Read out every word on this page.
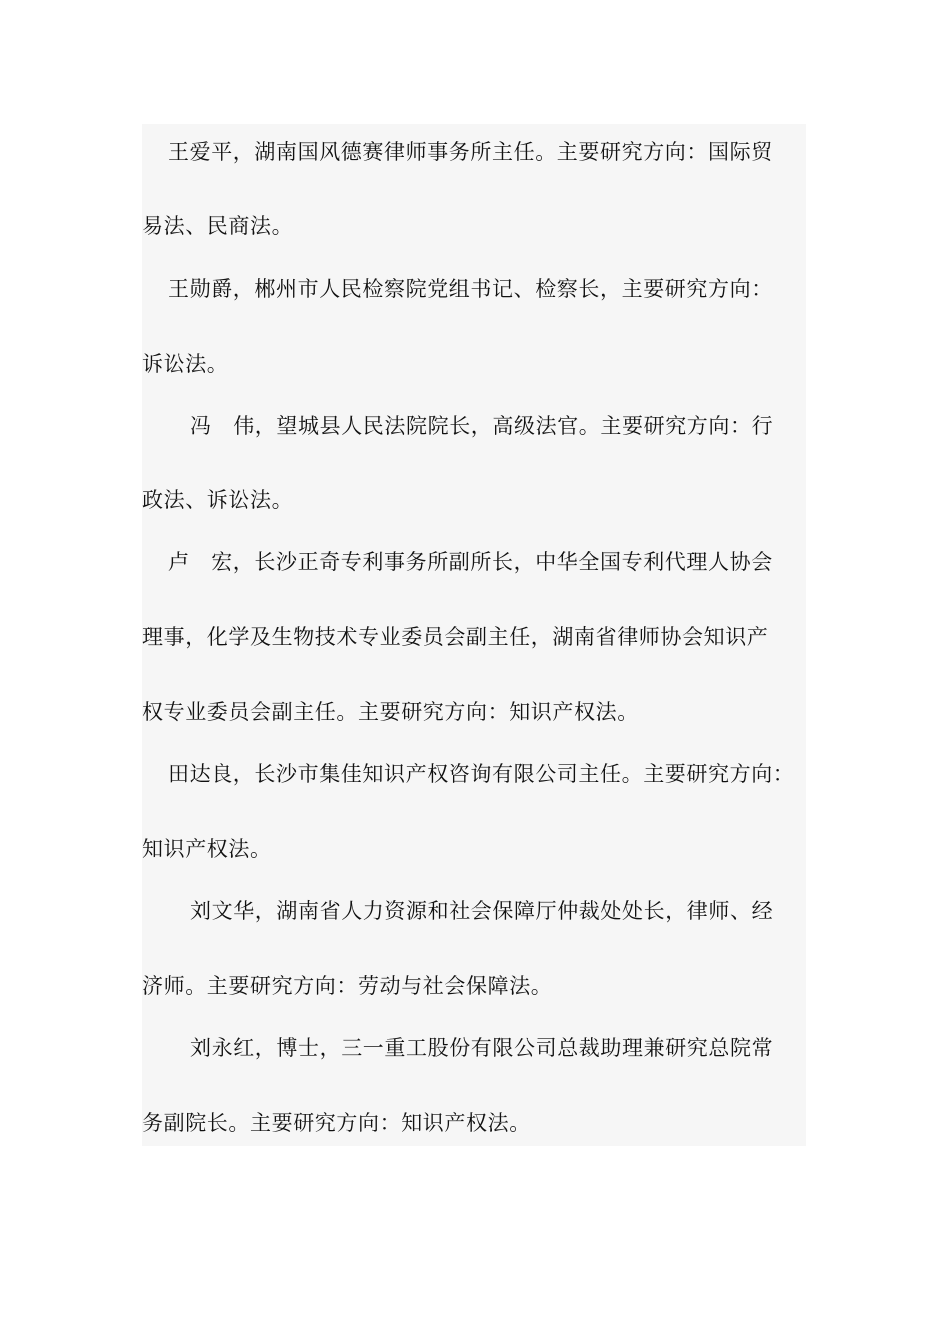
王爱平，湖南国风德赛律师事务所主任。主要研究方向：国际贸
易法、民商法。
王勋爵，郴州市人民检察院党组书记、检察长，主要研究方向：
诉讼法。
冯　伟，望城县人民法院院长，高级法官。主要研究方向：行
政法、诉讼法。
卢　宏，长沙正奇专利事务所副所长，中华全国专利代理人协会
理事，化学及生物技术专业委员会副主任，湖南省律师协会知识产
权专业委员会副主任。主要研究方向：知识产权法。
田达良，长沙市集佳知识产权咨询有限公司主任。主要研究方向：
知识产权法。
刘文华，湖南省人力资源和社会保障厅仲裁处处长，律师、经
济师。主要研究方向：劳动与社会保障法。
刘永红，博士，三一重工股份有限公司总裁助理兼研究总院常
务副院长。主要研究方向：知识产权法。
